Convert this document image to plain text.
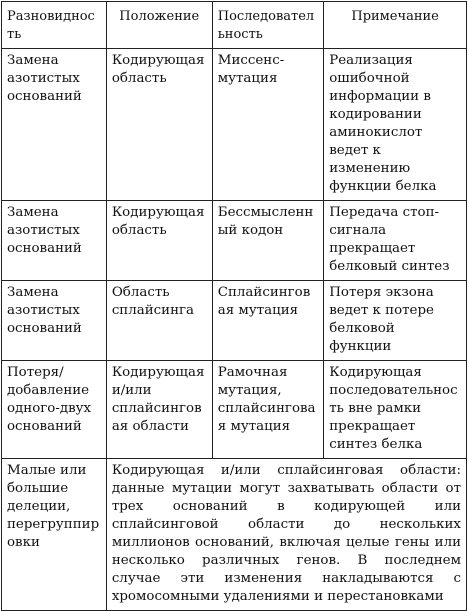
Разновидность	Положение	Последовательность	Примечание
Замена азотистых оснований	Кодирующая область	Миссенс-мутация	Реализация ошибочной информации в кодировании аминокислот ведет к изменению функции белка
Замена азотистых оснований	Кодирующая область	Бессмысленный кодон	Передача стоп-сигнала прекращает белковый синтез
Замена азотистых оснований	Область сплайсинга	Сплайсинговая мутация	Потеря экзона ведет к потере белковой функции
Потеря/добавление одного-двух оснований	Кодирующая и/или сплайсинговая области	Рамочная мутация, сплайсинговая мутация	Кодирующая последовательность вне рамки прекращает синтез белка
Малые или большие делеции, перегруппировки	Кодирующая и/или сплайсинговая области: данные мутации могут захватывать области от трех оснований в кодирующей или сплайсинговой области до нескольких миллионов оснований, включая целые гены или несколько различных генов. В последнем случае эти изменения накладываются с хромосомными удалениями и перестановками		
